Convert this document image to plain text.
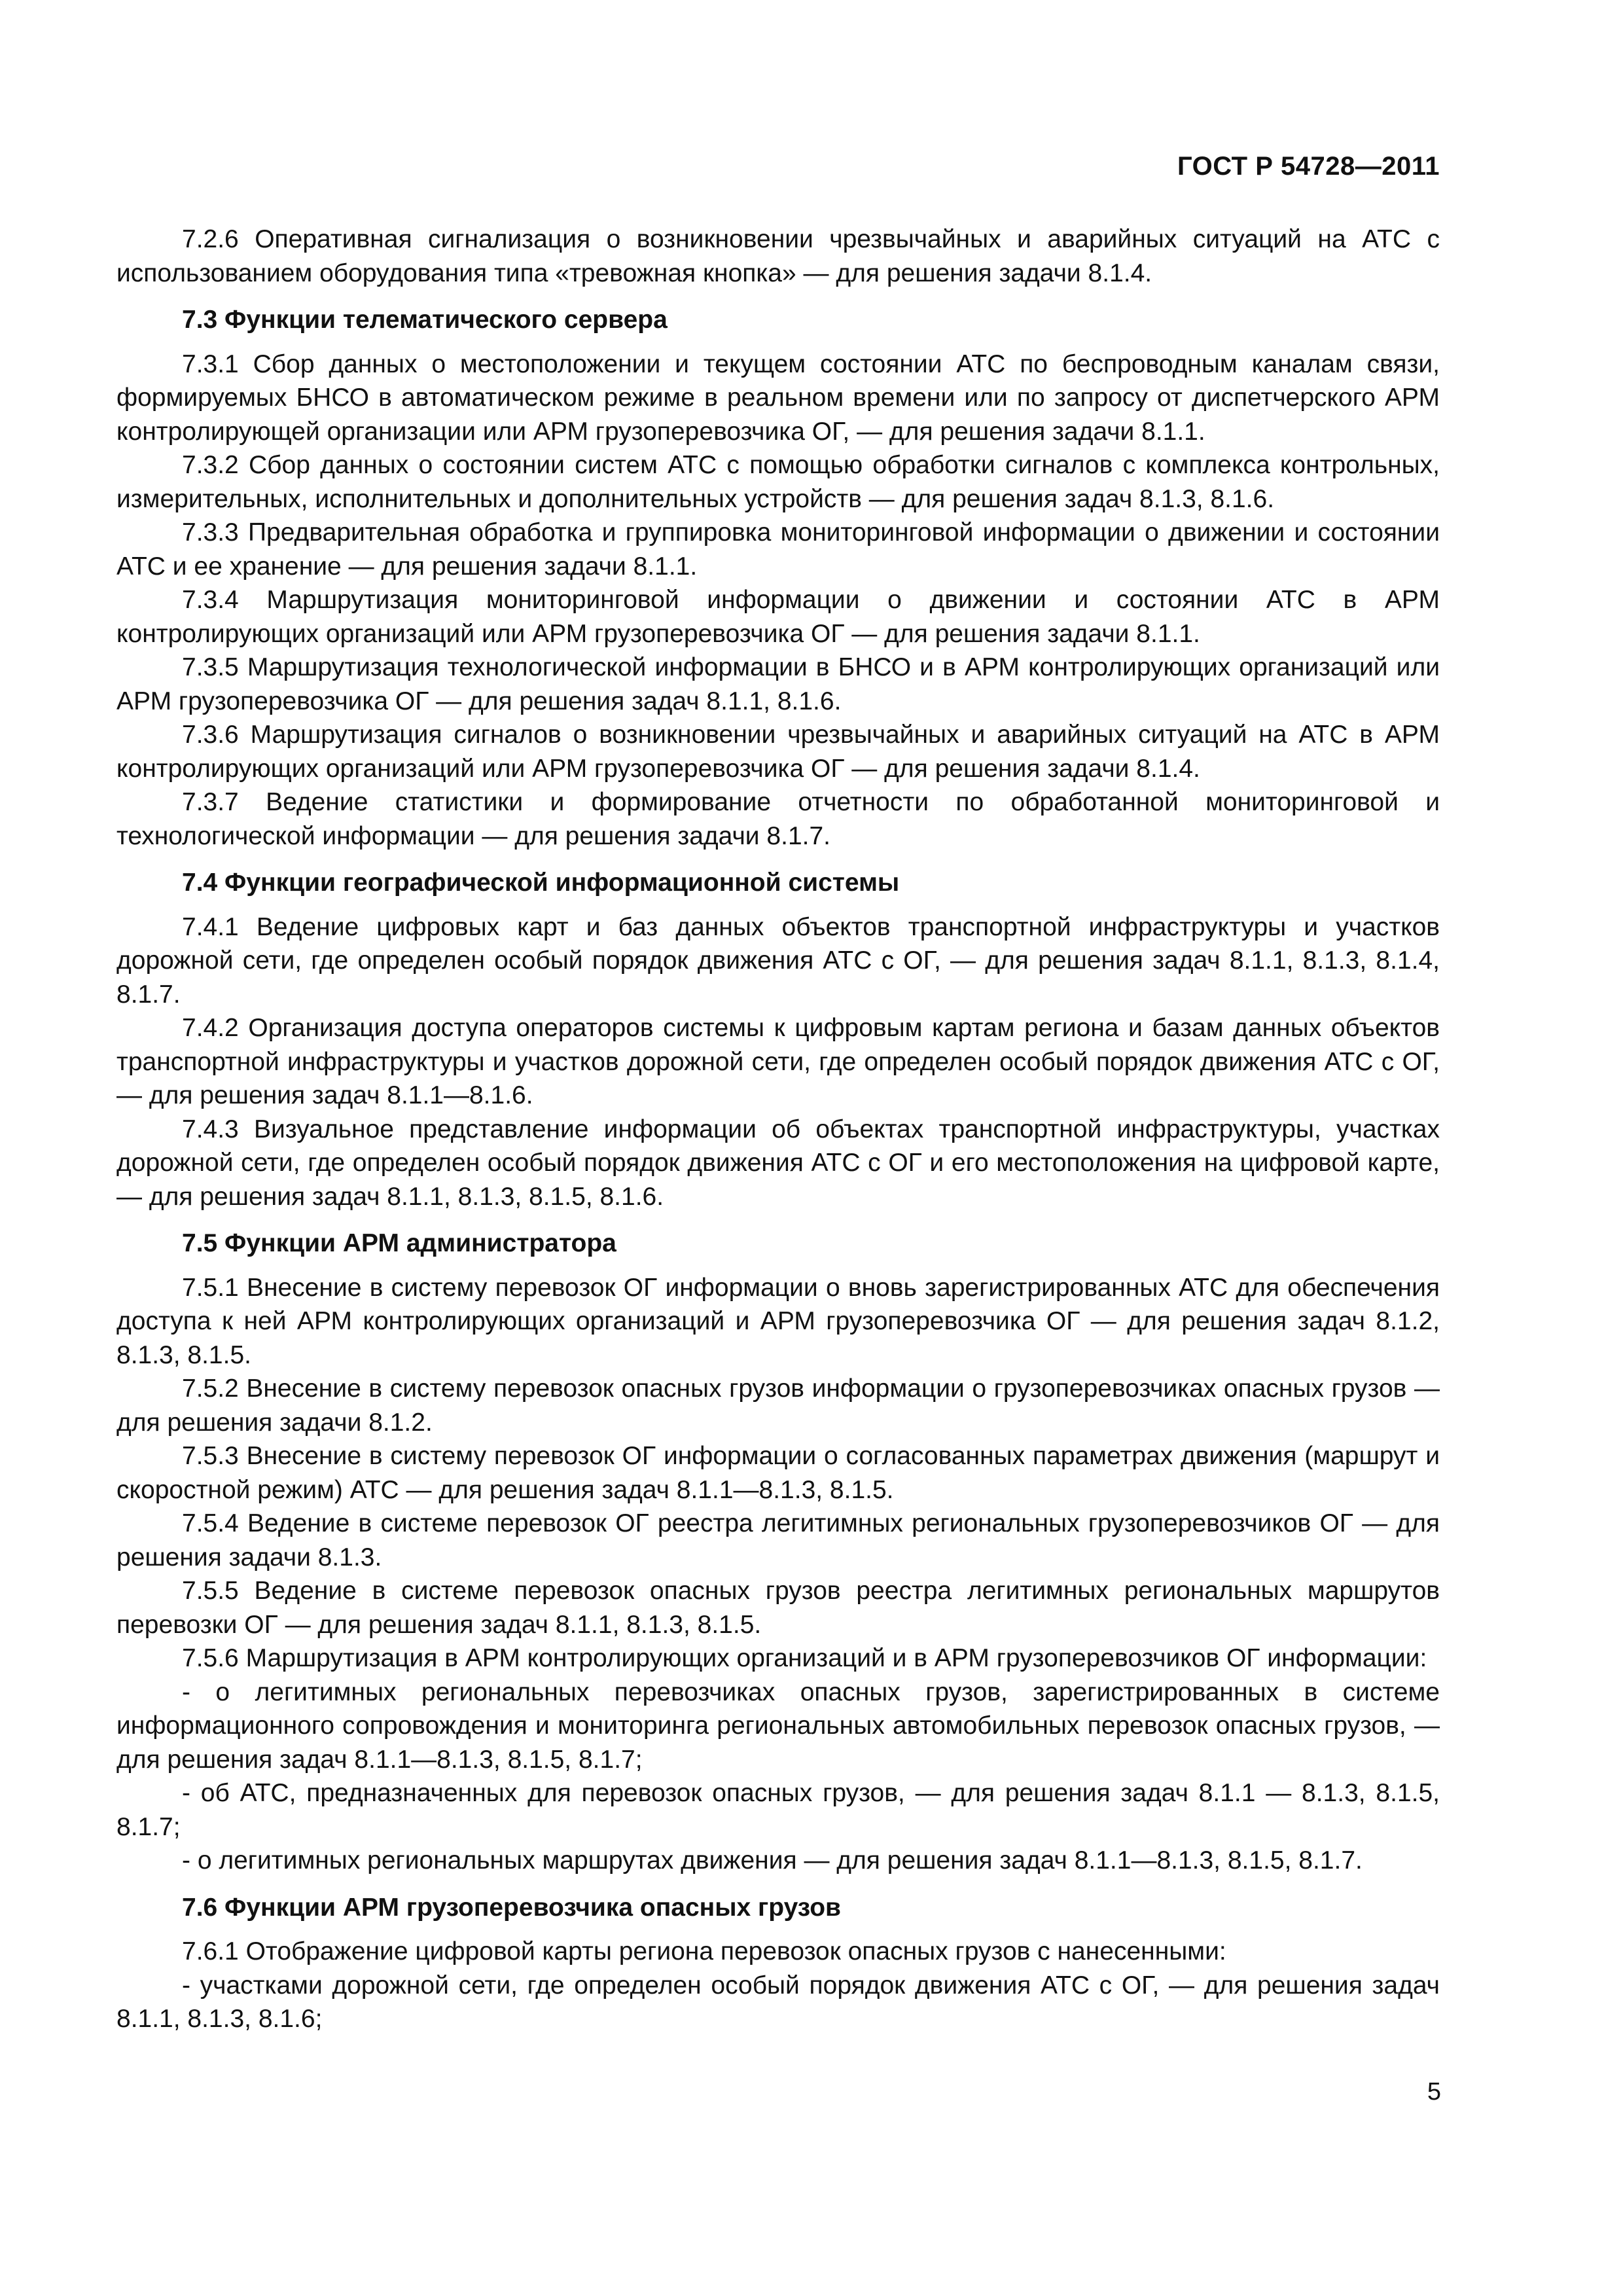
ГОСТ Р 54728—2011

7.2.6 Оперативная сигнализация о возникновении чрезвычайных и аварийных ситуаций на АТС с использованием оборудования типа «тревожная кнопка» — для решения задачи 8.1.4.

7.3 Функции телематического сервера

7.3.1 Сбор данных о местоположении и текущем состоянии АТС по беспроводным каналам связи, формируемых БНСО в автоматическом режиме в реальном времени или по запросу от диспетчерского АРМ контролирующей организации или АРМ грузоперевозчика ОГ, — для решения задачи 8.1.1.

7.3.2 Сбор данных о состоянии систем АТС с помощью обработки сигналов с комплекса контрольных, измерительных, исполнительных и дополнительных устройств — для решения задач 8.1.3, 8.1.6.

7.3.3 Предварительная обработка и группировка мониторинговой информации о движении и состоянии АТС и ее хранение — для решения задачи 8.1.1.

7.3.4 Маршрутизация мониторинговой информации о движении и состоянии АТС в АРМ контролирующих организаций или АРМ грузоперевозчика ОГ — для решения задачи 8.1.1.

7.3.5 Маршрутизация технологической информации в БНСО и в АРМ контролирующих организаций или АРМ грузоперевозчика ОГ — для решения задач 8.1.1, 8.1.6.

7.3.6 Маршрутизация сигналов о возникновении чрезвычайных и аварийных ситуаций на АТС в АРМ контролирующих организаций или АРМ грузоперевозчика ОГ — для решения задачи 8.1.4.

7.3.7 Ведение статистики и формирование отчетности по обработанной мониторинговой и технологической информации — для решения задачи 8.1.7.

7.4 Функции географической информационной системы

7.4.1 Ведение цифровых карт и баз данных объектов транспортной инфраструктуры и участков дорожной сети, где определен особый порядок движения АТС с ОГ, — для решения задач 8.1.1, 8.1.3, 8.1.4, 8.1.7.

7.4.2 Организация доступа операторов системы к цифровым картам региона и базам данных объектов транспортной инфраструктуры и участков дорожной сети, где определен особый порядок движения АТС с ОГ, — для решения задач 8.1.1—8.1.6.

7.4.3 Визуальное представление информации об объектах транспортной инфраструктуры, участках дорожной сети, где определен особый порядок движения АТС с ОГ и его местоположения на цифровой карте, — для решения задач 8.1.1, 8.1.3, 8.1.5, 8.1.6.

7.5 Функции АРМ администратора

7.5.1 Внесение в систему перевозок ОГ информации о вновь зарегистрированных АТС для обеспечения доступа к ней АРМ контролирующих организаций и АРМ грузоперевозчика ОГ — для решения задач 8.1.2, 8.1.3, 8.1.5.

7.5.2 Внесение в систему перевозок опасных грузов информации о грузоперевозчиках опасных грузов — для решения задачи 8.1.2.

7.5.3 Внесение в систему перевозок ОГ информации о согласованных параметрах движения (маршрут и скоростной режим) АТС — для решения задач 8.1.1—8.1.3, 8.1.5.

7.5.4 Ведение в системе перевозок ОГ реестра легитимных региональных грузоперевозчиков ОГ — для решения задачи 8.1.3.

7.5.5 Ведение в системе перевозок опасных грузов реестра легитимных региональных маршрутов перевозки ОГ — для решения задач 8.1.1, 8.1.3, 8.1.5.

7.5.6 Маршрутизация в АРМ контролирующих организаций и в АРМ грузоперевозчиков ОГ информации:

- о легитимных региональных перевозчиках опасных грузов, зарегистрированных в системе информационного сопровождения и мониторинга региональных автомобильных перевозок опасных грузов, — для решения задач 8.1.1—8.1.3, 8.1.5, 8.1.7;

- об АТС, предназначенных для перевозок опасных грузов, — для решения задач 8.1.1 — 8.1.3, 8.1.5, 8.1.7;

- о легитимных региональных маршрутах движения — для решения задач 8.1.1—8.1.3, 8.1.5, 8.1.7.

7.6 Функции АРМ грузоперевозчика опасных грузов

7.6.1 Отображение цифровой карты региона перевозок опасных грузов с нанесенными:

- участками дорожной сети, где определен особый порядок движения АТС с ОГ, — для решения задач 8.1.1, 8.1.3, 8.1.6;

5
